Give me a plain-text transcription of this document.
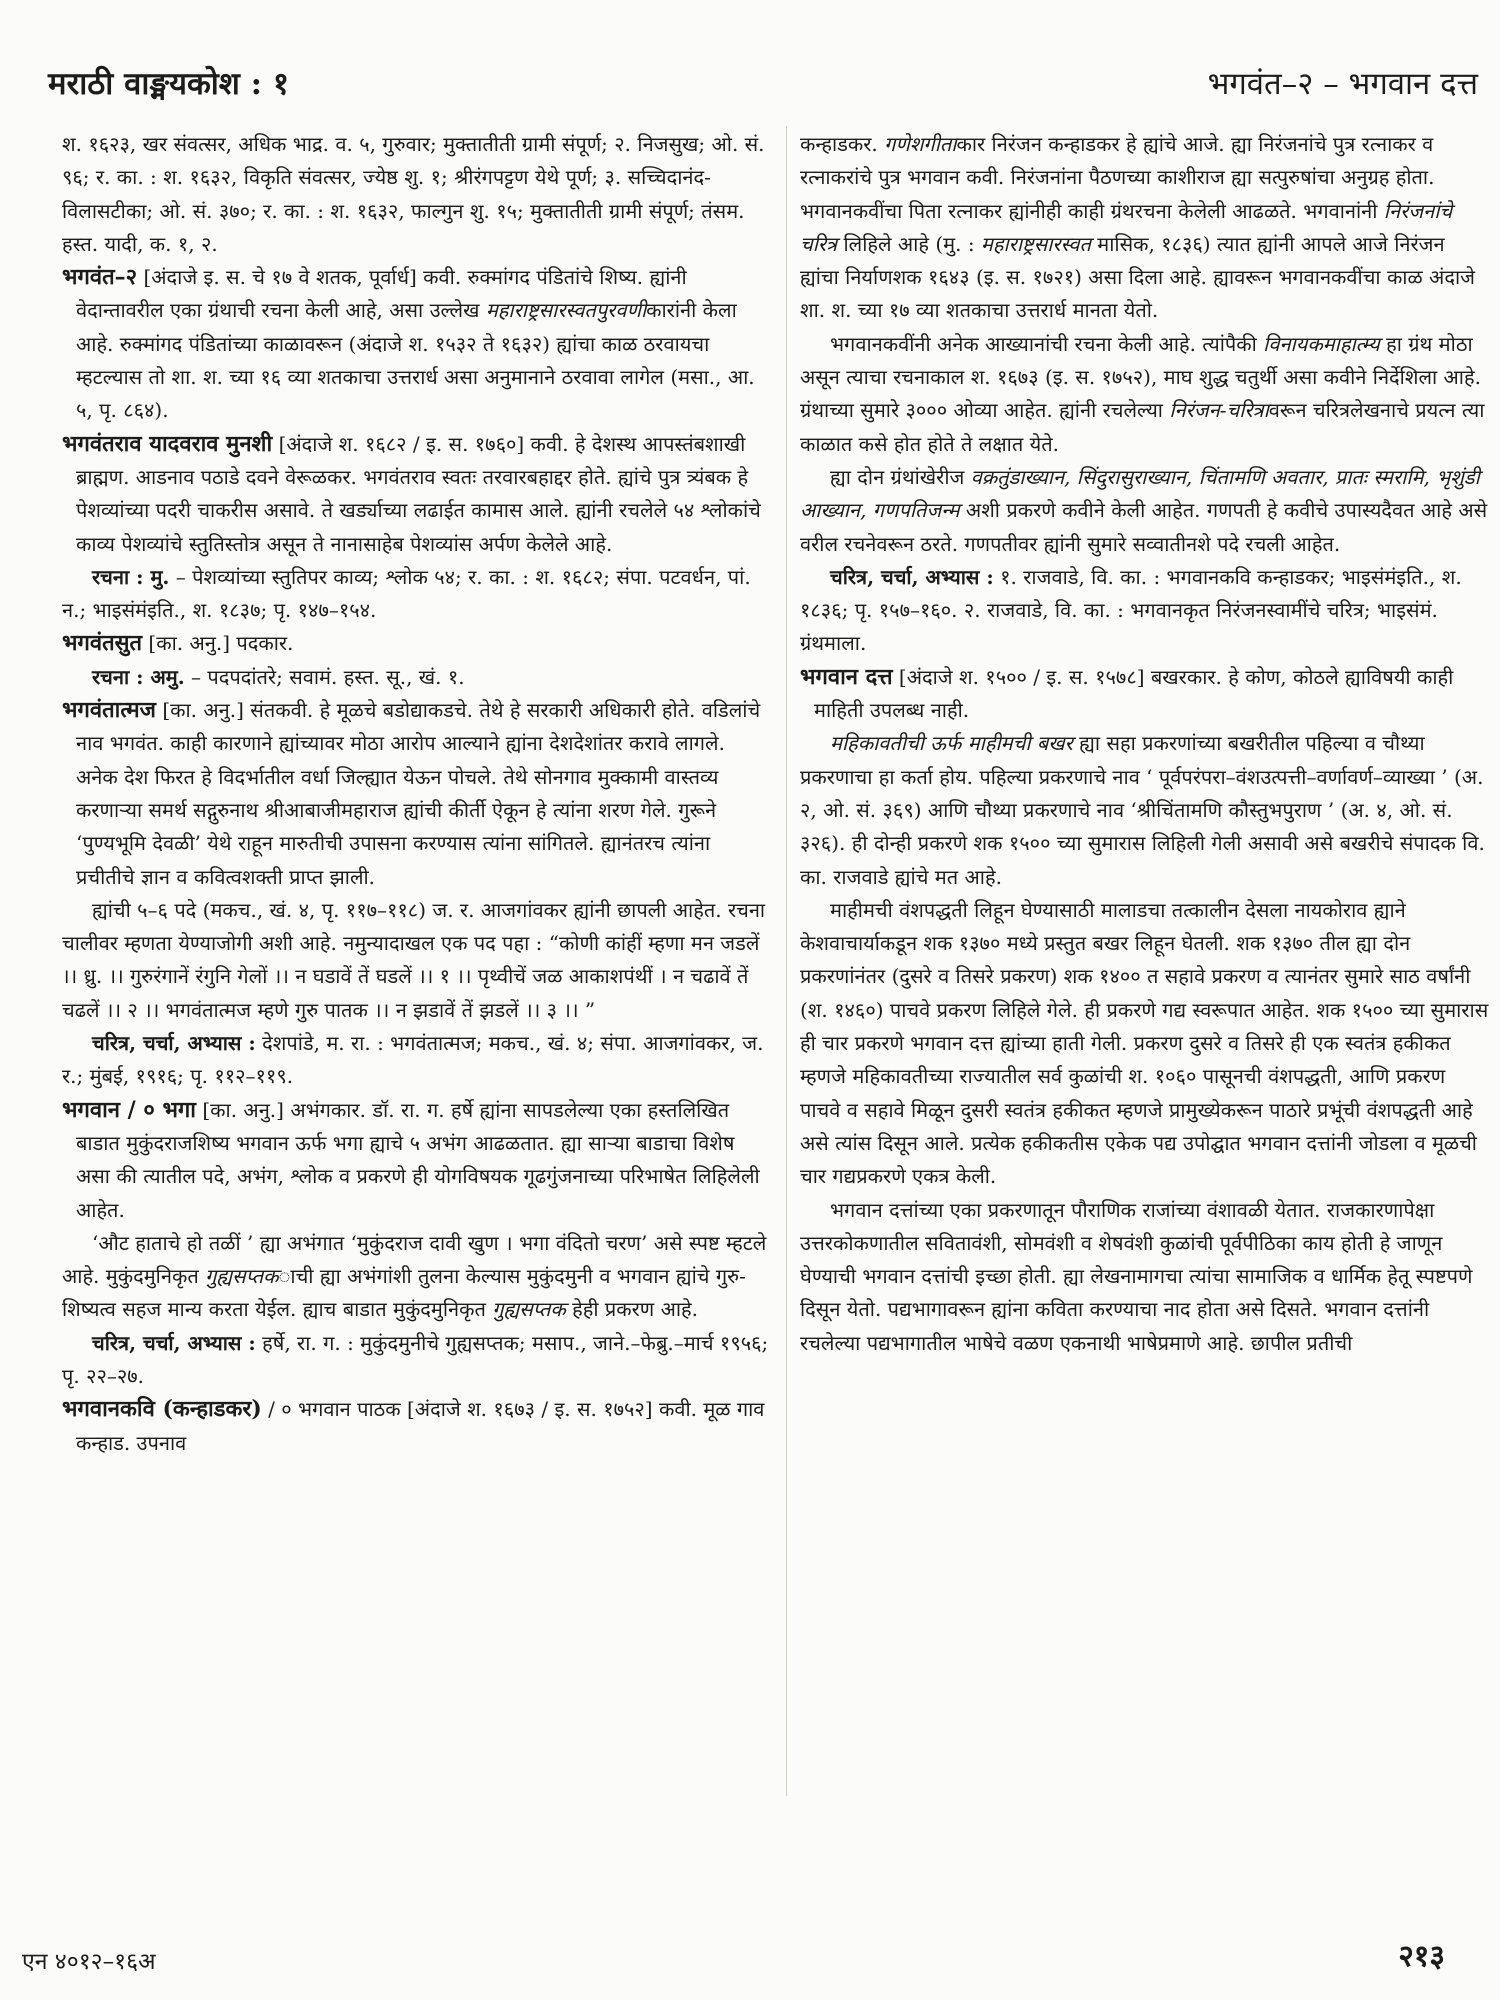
मराठी वाङ्मयकोश : १	भगवंत–२ – भगवान दत्त

श. १६२३, खर संवत्सर, अधिक भाद्र. व. ५, गुरुवार; मुक्तातीती ग्रामी संपूर्ण; २. निजसुख; ओ. सं. ९६; र. का. : श. १६३२, विकृति संवत्सर, ज्येष्ठ शु. १; श्रीरंगपट्टण येथे पूर्ण; ३. सच्चिदानंद-विलासटीका; ओ. सं. ३७०; र. का. : श. १६३२, फाल्गुन शु. १५; मुक्तातीती ग्रामी संपूर्ण; तंसम. हस्त. यादी, क. १, २.

भगवंत–२ [अंदाजे इ. स. चे १७ वे शतक, पूर्वार्ध] कवी. रुक्मांगद पंडितांचे शिष्य. ह्यांनी वेदान्तावरील एका ग्रंथाची रचना केली आहे, असा उल्लेख महाराष्ट्रसारस्वतपुरवणीकारांनी केला आहे. रुक्मांगद पंडितांच्या काळावरून (अंदाजे श. १५३२ ते १६३२) ह्यांचा काळ ठरवायचा म्हटल्यास तो शा. श. च्या १६ व्या शतकाचा उत्तरार्ध असा अनुमानाने ठरवावा लागेल (मसा., आ. ५, पृ. ८६४).

भगवंतराव यादवराव मुनशी [अंदाजे श. १६८२ / इ. स. १७६०] कवी. हे देशस्थ आपस्तंबशाखी ब्राह्मण. आडनाव पठाडे दवने वेरूळकर. भगवंतराव स्वतः तरवारबहाद्दर होते. ह्यांचे पुत्र त्र्यंबक हे पेशव्यांच्या पदरी चाकरीस असावे. ते खर्ड्याच्या लढाईत कामास आले. ह्यांनी रचलेले ५४ श्लोकांचे काव्य पेशव्यांचे स्तुतिस्तोत्र असून ते नानासाहेब पेशव्यांस अर्पण केलेले आहे.

रचना : मु. – पेशव्यांच्या स्तुतिपर काव्य; श्लोक ५४; र. का. : श. १६८२; संपा. पटवर्धन, पां. न.; भाइसंमंइति., श. १८३७; पृ. १४७–१५४.

भगवंतसुत [का. अनु.] पदकार.

रचना : अमु. – पदपदांतरे; सवामं. हस्त. सू., खं. १.

भगवंतात्मज [का. अनु.] संतकवी. हे मूळचे बडोद्याकडचे. तेथे हे सरकारी अधिकारी होते. वडिलांचे नाव भगवंत. काही कारणाने ह्यांच्यावर मोठा आरोप आल्याने ह्यांना देशदेशांतर करावे लागले. अनेक देश फिरत हे विदर्भातील वर्धा जिल्ह्यात येऊन पोचले. तेथे सोनगाव मुक्कामी वास्तव्य करणाऱ्या समर्थ सद्गुरुनाथ श्रीआबाजीमहाराज ह्यांची कीर्ती ऐकून हे त्यांना शरण गेले. गुरूने ‘पुण्यभूमि देवळी’ येथे राहून मारुतीची उपासना करण्यास त्यांना सांगितले. ह्यानंतरच त्यांना प्रचीतीचे ज्ञान व कवित्वशक्ती प्राप्त झाली.

ह्यांची ५–६ पदे (मकच., खं. ४, पृ. ११७–११८) ज. र. आजगांवकर ह्यांनी छापली आहेत. रचना चालीवर म्हणता येण्याजोगी अशी आहे. नमुन्यादाखल एक पद पहा : “कोणी कांहीं म्हणा मन जडलें ।। ध्रु. ।। गुरुरंगानें रंगुनि गेलों ।। न घडावें तें घडलें ।। १ ।। पृथ्वीचें जळ आकाशपंथीं । न चढावें तें चढलें ।। २ ।। भगवंतात्मज म्हणे गुरु पातक ।। न झडावें तें झडलें ।। ३ ।। ”

चरित्र, चर्चा, अभ्यास : देशपांडे, म. रा. : भगवंतात्मज; मकच., खं. ४; संपा. आजगांवकर, ज. र.; मुंबई, १९१६; पृ. ११२–११९.

भगवान / ० भगा [का. अनु.] अभंगकार. डॉ. रा. ग. हर्षे ह्यांना सापडलेल्या एका हस्तलिखित बाडात मुकुंदराजशिष्य भगवान ऊर्फ भगा ह्याचे ५ अभंग आढळतात. ह्या साऱ्या बाडाचा विशेष असा की त्यातील पदे, अभंग, श्लोक व प्रकरणे ही योगविषयक गूढगुंजनाच्या परिभाषेत लिहिलेली आहेत.

‘औट हाताचे हो तळीं ’ ह्या अभंगात ‘मुकुंदराज दावी खुण । भगा वंदितो चरण’ असे स्पष्ट म्हटले आहे. मुकुंदमुनिकृत गुह्यसप्तकाची ह्या अभंगांशी तुलना केल्यास मुकुंदमुनी व भगवान ह्यांचे गुरु-शिष्यत्व सहज मान्य करता येईल. ह्याच बाडात मुकुंदमुनिकृत गुह्यसप्तक हेही प्रकरण आहे.

चरित्र, चर्चा, अभ्यास : हर्षे, रा. ग. : मुकुंदमुनीचे गुह्यसप्तक; मसाप., जाने.–फेब्रु.–मार्च १९५६; पृ. २२–२७.

भगवानकवि (कन्हाडकर) / ० भगवान पाठक [अंदाजे श. १६७३ / इ. स. १७५२] कवी. मूळ गाव कन्हाड. उपनाव

कन्हाडकर. गणेशगीताकार निरंजन कन्हाडकर हे ह्यांचे आजे. ह्या निरंजनांचे पुत्र रत्नाकर व रत्नाकरांचे पुत्र भगवान कवी. निरंजनांना पैठणच्या काशीराज ह्या सत्पुरुषांचा अनुग्रह होता. भगवानकवींचा पिता रत्नाकर ह्यांनीही काही ग्रंथरचना केलेली आढळते. भगवानांनी निरंजनांचे चरित्र लिहिले आहे (मु. : महाराष्ट्रसारस्वत मासिक, १८३६) त्यात ह्यांनी आपले आजे निरंजन ह्यांचा निर्याणशक १६४३ (इ. स. १७२१) असा दिला आहे. ह्यावरून भगवानकवींचा काळ अंदाजे शा. श. च्या १७ व्या शतकाचा उत्तरार्ध मानता येतो.

भगवानकवींनी अनेक आख्यानांची रचना केली आहे. त्यांपैकी विनायकमाहात्म्य हा ग्रंथ मोठा असून त्याचा रचनाकाल श. १६७३ (इ. स. १७५२), माघ शुद्ध चतुर्थी असा कवीने निर्देशिला आहे. ग्रंथाच्या सुमारे ३००० ओव्या आहेत. ह्यांनी रचलेल्या निरंजन-चरित्रावरून चरित्रलेखनाचे प्रयत्न त्या काळात कसे होत होते ते लक्षात येते.

ह्या दोन ग्रंथांखेरीज वक्रतुंडाख्यान, सिंदुरासुराख्यान, चिंतामणि अवतार, प्रातः स्मरामि, भृशुंडी आख्यान, गणपतिजन्म अशी प्रकरणे कवीने केली आहेत. गणपती हे कवीचे उपास्यदैवत आहे असे वरील रचनेवरून ठरते. गणपतीवर ह्यांनी सुमारे सव्वातीनशे पदे रचली आहेत.

चरित्र, चर्चा, अभ्यास : १. राजवाडे, वि. का. : भगवानकवि कन्हाडकर; भाइसंमंइति., श. १८३६; पृ. १५७–१६०. २. राजवाडे, वि. का. : भगवानकृत निरंजनस्वामींचे चरित्र; भाइसंमं. ग्रंथमाला.

भगवान दत्त [अंदाजे श. १५०० / इ. स. १५७८] बखरकार. हे कोण, कोठले ह्याविषयी काही माहिती उपलब्ध नाही.

महिकावतीची ऊर्फ माहीमची बखर ह्या सहा प्रकरणांच्या बखरीतील पहिल्या व चौथ्या प्रकरणाचा हा कर्ता होय. पहिल्या प्रकरणाचे नाव ‘ पूर्वपरंपरा–वंशउत्पत्ती–वर्णावर्ण–व्याख्या ’ (अ. २, ओ. सं. ३६९) आणि चौथ्या प्रकरणाचे नाव ‘श्रीचिंतामणि कौस्तुभपुराण ’ (अ. ४, ओ. सं. ३२६). ही दोन्ही प्रकरणे शक १५०० च्या सुमारास लिहिली गेली असावी असे बखरीचे संपादक वि. का. राजवाडे ह्यांचे मत आहे.

माहीमची वंशपद्धती लिहून घेण्यासाठी मालाडचा तत्कालीन देसला नायकोराव ह्याने केशवाचार्याकडून शक १३७० मध्ये प्रस्तुत बखर लिहून घेतली. शक १३७० तील ह्या दोन प्रकरणांनंतर (दुसरे व तिसरे प्रकरण) शक १४०० त सहावे प्रकरण व त्यानंतर सुमारे साठ वर्षांनी (श. १४६०) पाचवे प्रकरण लिहिले गेले. ही प्रकरणे गद्य स्वरूपात आहेत. शक १५०० च्या सुमारास ही चार प्रकरणे भगवान दत्त ह्यांच्या हाती गेली. प्रकरण दुसरे व तिसरे ही एक स्वतंत्र हकीकत म्हणजे महिकावतीच्या राज्यातील सर्व कुळांची श. १०६० पासूनची वंशपद्धती, आणि प्रकरण पाचवे व सहावे मिळून दुसरी स्वतंत्र हकीकत म्हणजे प्रामुख्येकरून पाठारे प्रभूंची वंशपद्धती आहे असे त्यांस दिसून आले. प्रत्येक हकीकतीस एकेक पद्य उपोद्घात भगवान दत्तांनी जोडला व मूळची चार गद्यप्रकरणे एकत्र केली.

भगवान दत्तांच्या एका प्रकरणातून पौराणिक राजांच्या वंशावळी येतात. राजकारणापेक्षा उत्तरकोकणातील सवितावंशी, सोमवंशी व शेषवंशी कुळांची पूर्वपीठिका काय होती हे जाणून घेण्याची भगवान दत्तांची इच्छा होती. ह्या लेखनामागचा त्यांचा सामाजिक व धार्मिक हेतू स्पष्टपणे दिसून येतो. पद्यभागावरून ह्यांना कविता करण्याचा नाद होता असे दिसते. भगवान दत्तांनी रचलेल्या पद्यभागातील भाषेचे वळण एकनाथी भाषेप्रमाणे आहे. छापील प्रतीची

एन ४०१२–१६अ	२१३
